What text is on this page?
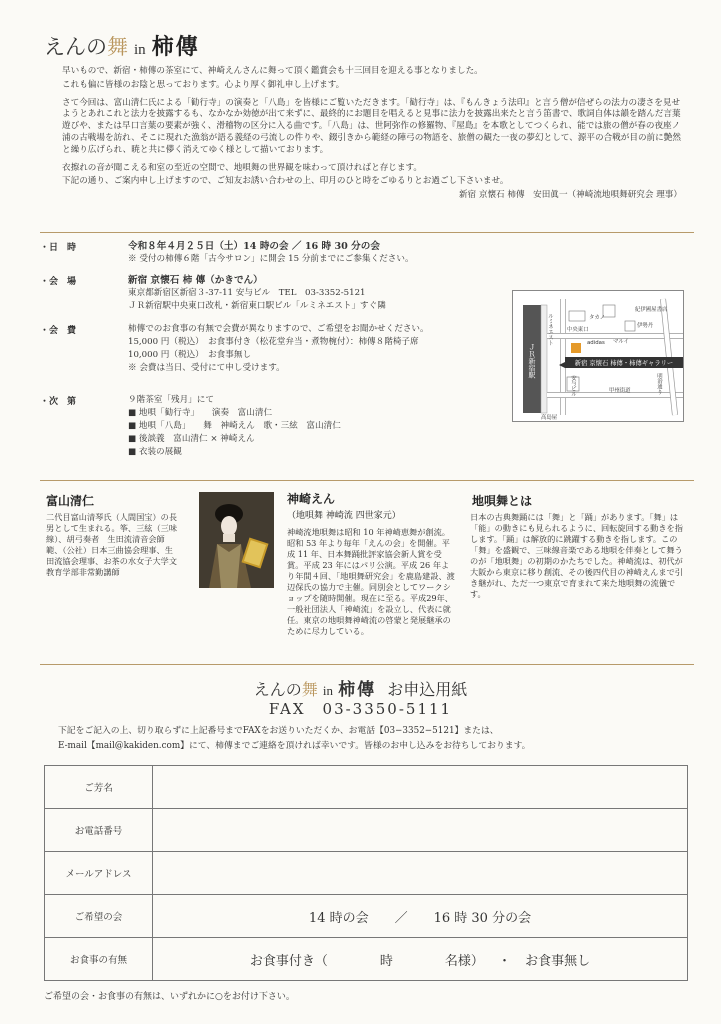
えんの舞 in 柿傳

早いもので、新宿・柿傳の茶室にて、神崎えんさんに舞って頂く鑑賞会も十三回目を迎える事となりました。

これも偏に皆様のお陰と思っております。心より厚く御礼申し上げます。

さて今回は、富山清仁氏による「勧行寺」の演奏と「八島」を皆様にご覧いただきます。「勧行寺」は、『もんきょう法印』と言う僧が信ぜらの法力の凄さを見せようとあれこれと法力を披露するも、なかなか効徳が出て来ずに、最終的にお題目を唱えると見事に法力を披露出来たと言う笛書で、歌詞自体は韻を踏んだ言葉遊びや、または早口言葉の要素が強く、滑稽物の区分に入る曲です。「八島」は、世阿弥作の修羅物、『屋島』を本歌としてつくられ、能では旅の僧が春の夜座ノ浦の古戦場を訪れ、そこに現れた漁翁が語る義経の弓流しの件りや、錣引きから範経の陣弓の物語を、旅僧の観た一夜の夢幻として、源平の合戦が目の前に艶然と繰り広げられ、暁と共に儚く消えてゆく様として描いております。

衣擦れの音が聞こえる和室の至近の空間で、地唄舞の世界観を味わって頂ければと存じます。

下記の通り、ご案内申し上げますので、ご知友お誘い合わせの上、印月のひと時をごゆるりとお過ごし下さいませ。

新宿 京懐石 柿傳　安田眞一（神崎流地唄舞研究会 理事）

・日　時	令和８年４月２５日（土）14 時の会 ／ 16 時 30 分の会
※ 受付の柿傳６階「古今サロン」に開会 15 分前までにご参集ください。
・会　場	新宿 京懐石 柿 傳（かきでん）
東京都新宿区新宿３-37-11 安与ビル　TEL　03-3352-5121
ＪＲ新宿駅中央東口改札・新宿東口駅ビル「ルミネエスト」すぐ隣
・会　費	柿傳でのお食事の有無で会費が異なりますので、ご希望をお聞かせください。
15,000 円（税込）　お食事付き（松花堂弁当・煮物椀付）：柿傳８階椅子席
10,000 円（税込）　お食事無し
※ 会費は当日、受付にて申し受けます。
・次　第	９階茶室「残月」にて
■ 地唄「勧行寺」　　演奏　富山清仁
■ 地唄「八島」　　舞　神崎えん　歌・三絃　富山清仁
■ 後談義　富山清仁 × 神崎えん
■ 衣装の展観
新宿 京懐石 柿傳・柿傳ギャラリー
ＪＲ新宿駅
ルミネエスト	中央東口
タカノ
adidas
紀伊國屋書店
伊勢丹
マルイ
安与ビル	甲州街道	明治通り
高島屋
富山清仁
二代目富山清琴氏（人間国宝）の長男として生まれる。筝、三絃（三味線）、胡弓奏者　生田流清音会師範、（公社）日本三曲協会理事、生田流協会理事、お茶の水女子大学文教育学部非常勤講師
神崎えん
（地唄舞 神崎流 四世家元）
神崎流地唄舞は昭和 10 年神崎恵舞が創流。昭和 53 年より毎年「えんの会」を開催。平成 11 年、日本舞踊批評家協会新人賞を受賞。平成 23 年にはパリ公演。平成 26 年より年間４回、「地唄舞研究会」を鹿島建設、渡辺保氏の協力で主催。同別会としてワークショップを随時開催。現在に至る。平成29年、一般社団法人「神崎流」を設立し、代表に就任。東京の地唄舞神崎流の啓蒙と発展継承のために尽力している。
地唄舞とは
日本の古典舞踊には「舞」と「踊」があります。「舞」は「能」の動きにも見られるように、回転旋回する動きを指します。「踊」は解放的に跳躍する動きを指します。この「舞」を盛観で、三味線音楽である地唄を伴奏として舞うのが「地唄舞」の初期のかたちでした。神崎流は、初代が大阪から東京に移り創流、その後四代目の神崎えんまで引き継がれ、ただ一つ東京で育まれて来た地唄舞の流儀です。
えんの舞 in 柿傳 お申込用紙
FAX　03-3350-5111
下記をご記入の上、切り取らずに上記番号までFAXをお送りいただくか、お電話【03−3352−5121】または、
E-mail【mail@kakiden.com】にて、柿傳までご連絡を頂ければ幸いです。皆様のお申し込みをお待ちしております。
ご芳名	
お電話番号	
メールアドレス	
ご希望の会	14 時の会　　／　　16 時 30 分の会
お食事の有無	お食事付き（　　　　時　　　　名様） ・ お食事無し
ご希望の会・お食事の有無は、いずれかに○をお付け下さい。
